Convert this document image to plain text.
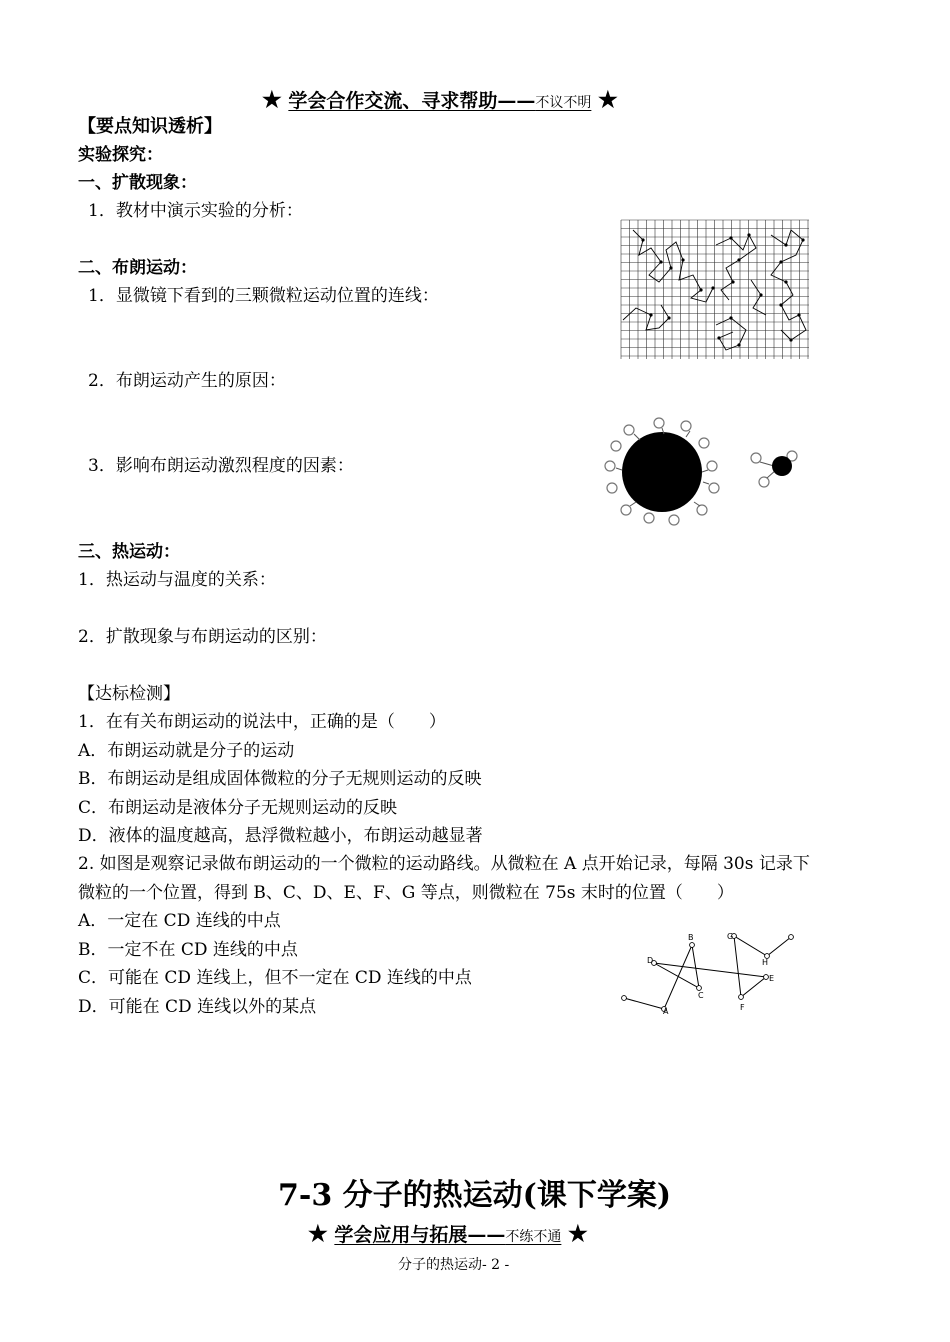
★ 学会合作交流、寻求帮助——不议不明 ★
【要点知识透析】
实验探究：
一、扩散现象：
1．教材中演示实验的分析：
二、布朗运动：
1．显微镜下看到的三颗微粒运动位置的连线：
2．布朗运动产生的原因：
3．影响布朗运动激烈程度的因素：
三、热运动：
1．热运动与温度的关系：
2．扩散现象与布朗运动的区别：
【达标检测】
1．在有关布朗运动的说法中，正确的是（　　）
A．布朗运动就是分子的运动
B．布朗运动是组成固体微粒的分子无规则运动的反映
C．布朗运动是液体分子无规则运动的反映
D．液体的温度越高，悬浮微粒越小，布朗运动越显著
2. 如图是观察记录做布朗运动的一个微粒的运动路线。从微粒在 A 点开始记录，每隔 30s 记录下
微粒的一个位置，得到 B、C、D、E、F、G 等点，则微粒在 75s 末时的位置（　　）
A．一定在 CD 连线的中点
B．一定不在 CD 连线的中点
C．可能在 CD 连线上，但不一定在 CD 连线的中点
D．可能在 CD 连线以外的某点	A
B
C
D
E
F
G
H
7-3 分子的热运动(课下学案)
★ 学会应用与拓展——不练不通 ★
分子的热运动- 2 -
